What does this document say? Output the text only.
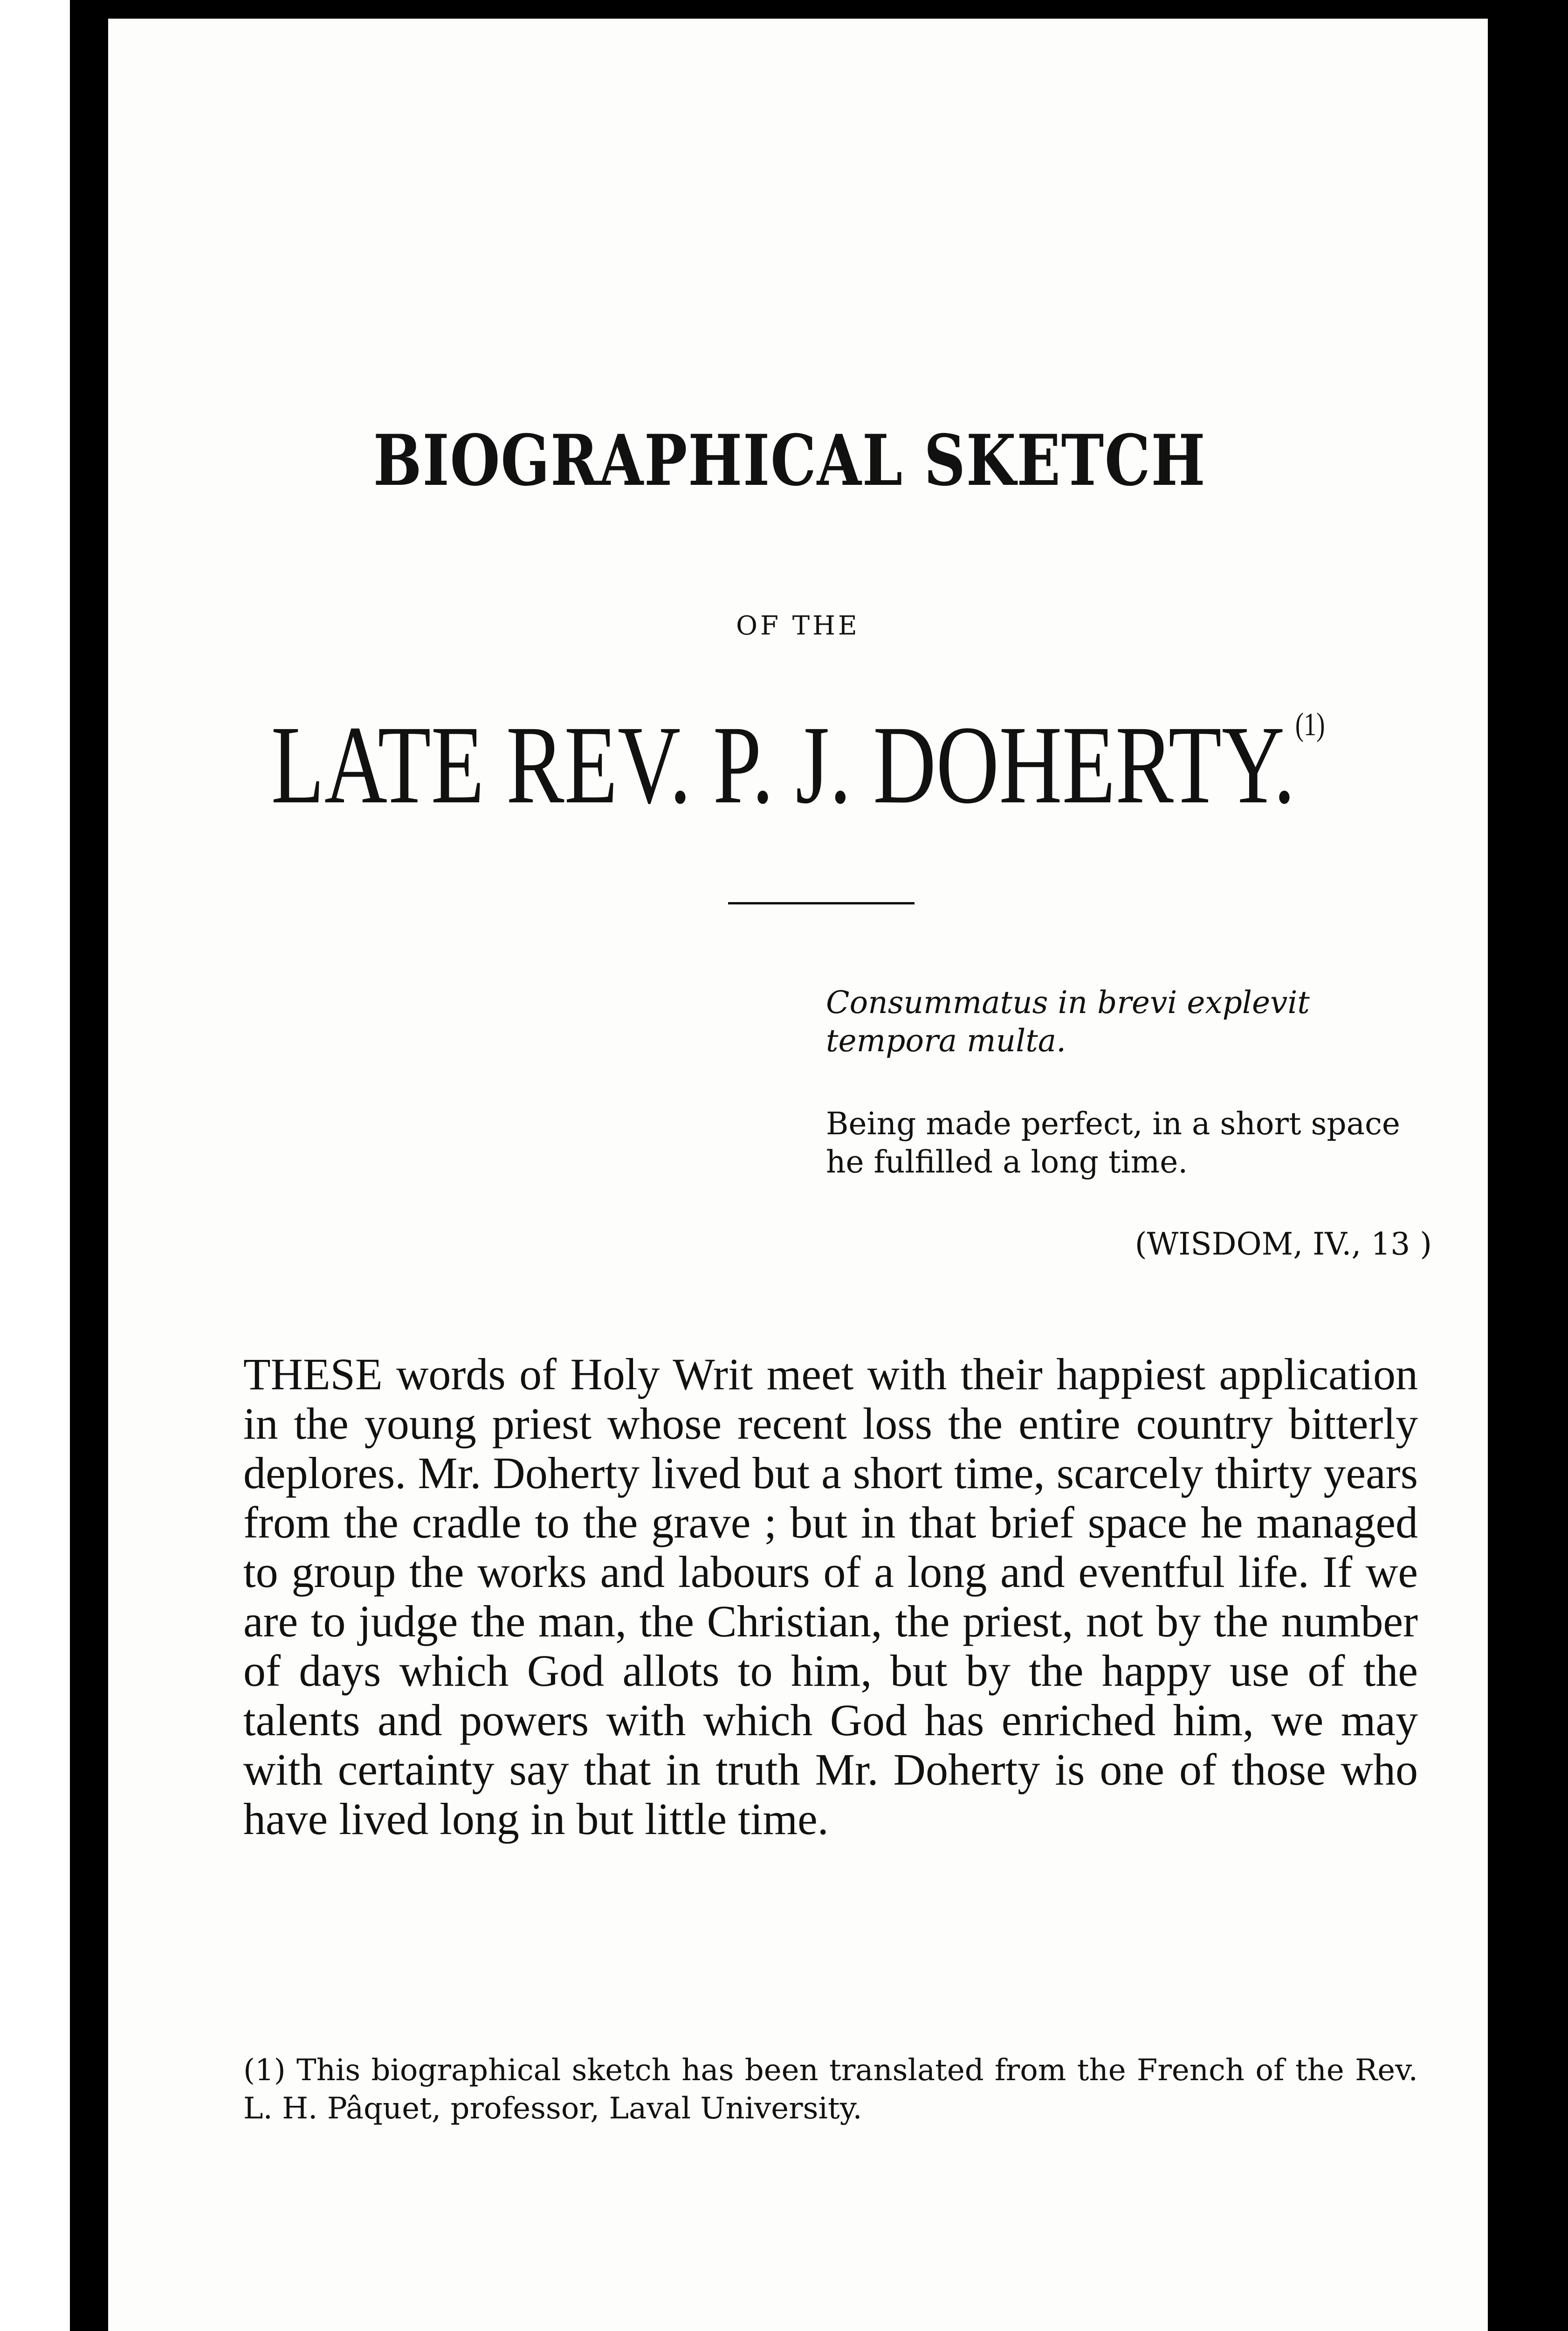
BIOGRAPHICAL SKETCH
OF THE
LATE REV. P. J. DOHERTY.$^{(1)}$
Consummatus in brevi explevit tempora multa.
Being made perfect, in a short space he fulfilled a long time.
(WISDOM, IV., 13 )
THESE words of Holy Writ meet with their happiest application in the young priest whose recent loss the entire country bitterly deplores. Mr. Doherty lived but a short time, scarcely thirty years from the cradle to the grave ; but in that brief space he managed to group the works and labours of a long and eventful life. If we are to judge the man, the Christian, the priest, not by the number of days which God allots to him, but by the happy use of the talents and powers with which God has enriched him, we may with certainty say that in truth Mr. Doherty is one of those who have lived long in but little time.
(1) This biographical sketch has been translated from the French of the Rev. L. H. Pâquet, professor, Laval University.
